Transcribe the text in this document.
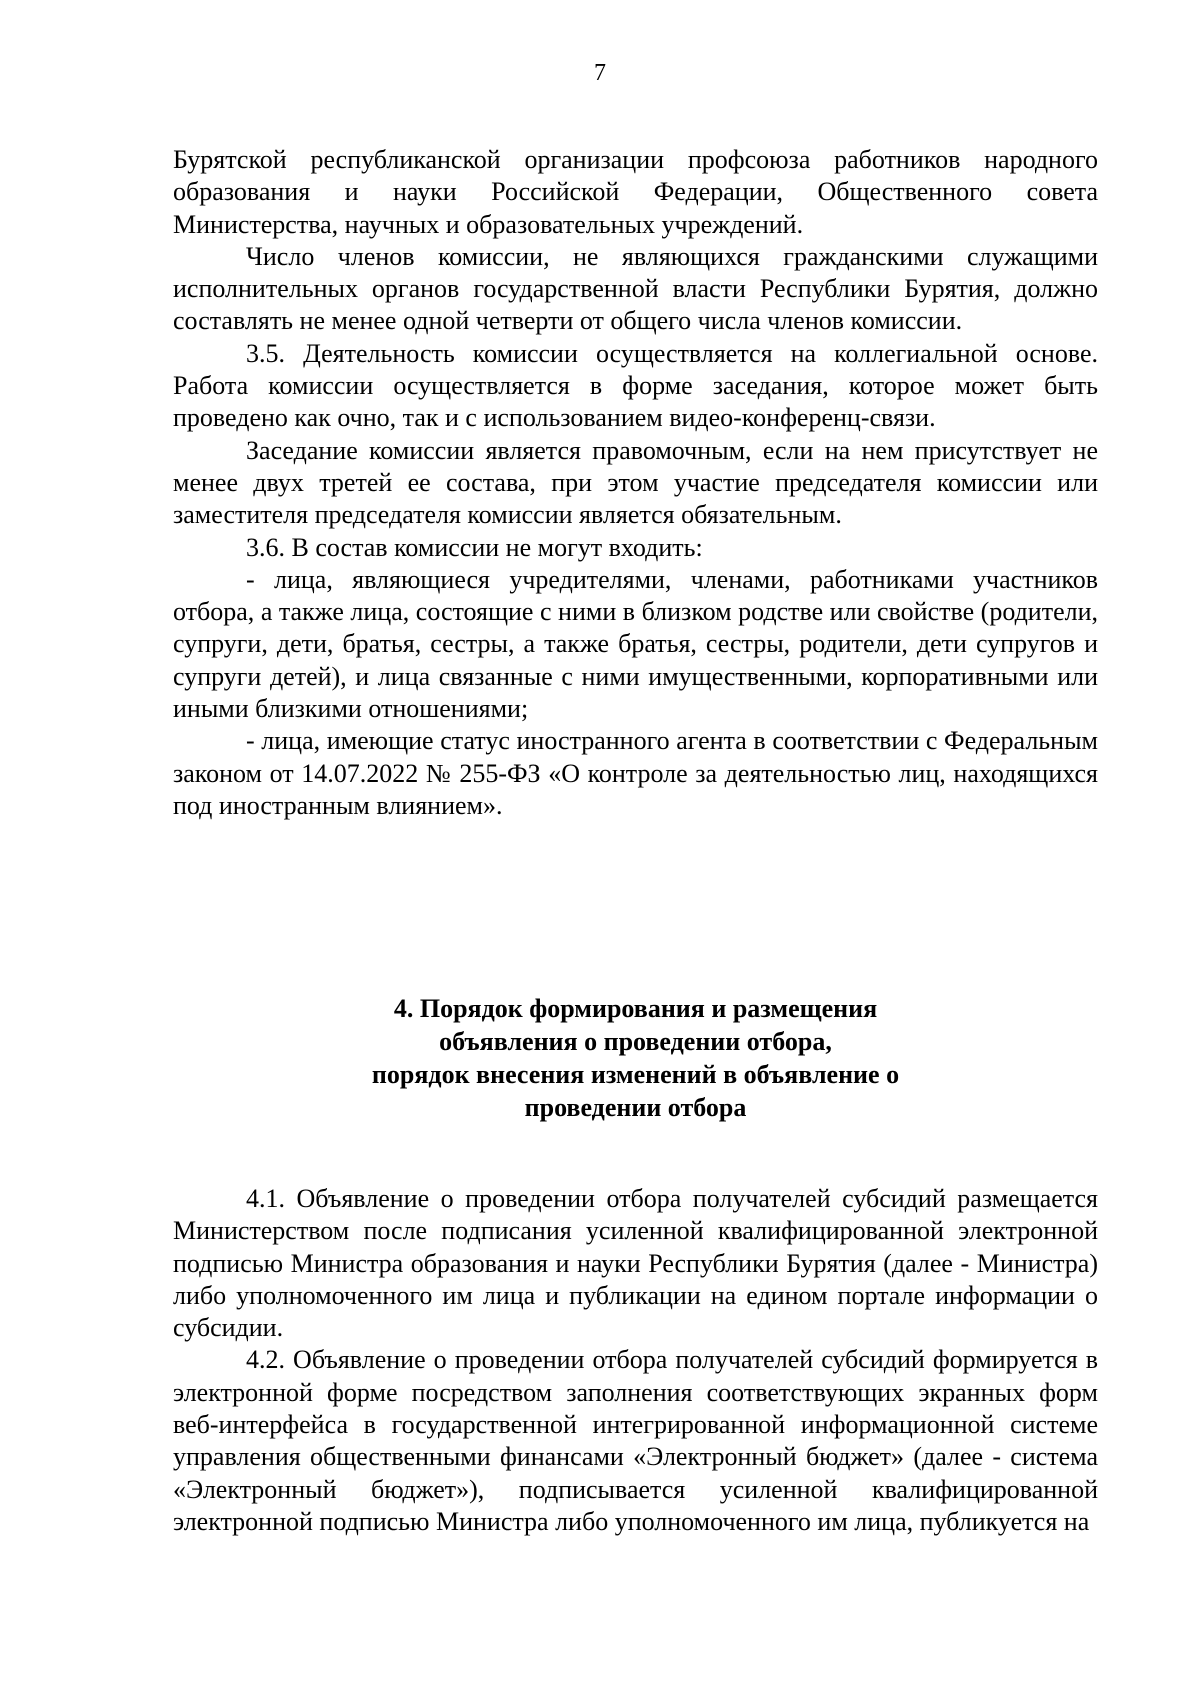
7

Бурятской республиканской организации профсоюза работников народного образования и науки Российской Федерации, Общественного совета Министерства, научных и образовательных учреждений.

Число членов комиссии, не являющихся гражданскими служащими исполнительных органов государственной власти Республики Бурятия, должно составлять не менее одной четверти от общего числа членов комиссии.

3.5. Деятельность комиссии осуществляется на коллегиальной основе. Работа комиссии осуществляется в форме заседания, которое может быть проведено как очно, так и с использованием видео-конференц-связи.

Заседание комиссии является правомочным, если на нем присутствует не менее двух третей ее состава, при этом участие председателя комиссии или заместителя председателя комиссии является обязательным.

3.6. В состав комиссии не могут входить:

- лица, являющиеся учредителями, членами, работниками участников отбора, а также лица, состоящие с ними в близком родстве или свойстве (родители, супруги, дети, братья, сестры, а также братья, сестры, родители, дети супругов и супруги детей), и лица связанные с ними имущественными, корпоративными или иными близкими отношениями;

- лица, имеющие статус иностранного агента в соответствии с Федеральным законом от 14.07.2022 № 255-ФЗ «О контроле за деятельностью лиц, находящихся под иностранным влиянием».

4. Порядок формирования и размещения
объявления о проведении отбора,
порядок внесения изменений в объявление о
проведении отбора

4.1. Объявление о проведении отбора получателей субсидий размещается Министерством после подписания усиленной квалифицированной электронной подписью Министра образования и науки Республики Бурятия (далее - Министра) либо уполномоченного им лица и публикации на едином портале информации о субсидии.

4.2. Объявление о проведении отбора получателей субсидий формируется в электронной форме посредством заполнения соответствующих экранных форм веб-интерфейса в государственной интегрированной информационной системе управления общественными финансами «Электронный бюджет» (далее - система «Электронный бюджет»), подписывается усиленной квалифицированной электронной подписью Министра либо уполномоченного им лица, публикуется на
